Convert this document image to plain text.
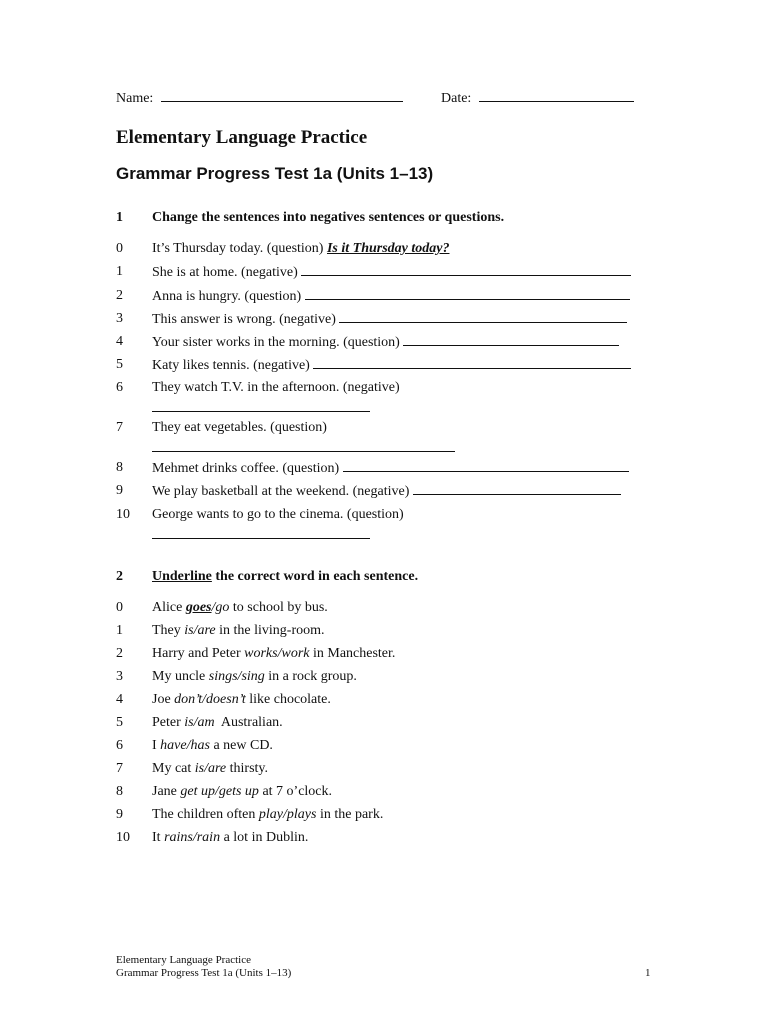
Name:	Date:
Elementary Language Practice
Grammar Progress Test 1a (Units 1–13)
1 Change the sentences into negatives sentences or questions.
0	It’s Thursday today. (question) Is it Thursday today?
1	She is at home. (negative)
2	Anna is hungry. (question)
3	This answer is wrong. (negative)
4	Your sister works in the morning. (question)
5	Katy likes tennis. (negative)
6	They watch T.V. in the afternoon. (negative)
7	They eat vegetables. (question)
8	Mehmet drinks coffee. (question)
9	We play basketball at the weekend. (negative)
10	George wants to go to the cinema. (question)
2 Underline the correct word in each sentence.
0	Alice goes/go to school by bus.
1	They is/are in the living-room.
2	Harry and Peter works/work in Manchester.
3	My uncle sings/sing in a rock group.
4	Joe don’t/doesn’t like chocolate.
5	Peter is/am  Australian.
6	I have/has a new CD.
7	My cat is/are thirsty.
8	Jane get up/gets up at 7 o’clock.
9	The children often play/plays in the park.
10	It rains/rain a lot in Dublin.
Elementary Language Practice
Grammar Progress Test 1a (Units 1–13)	1
